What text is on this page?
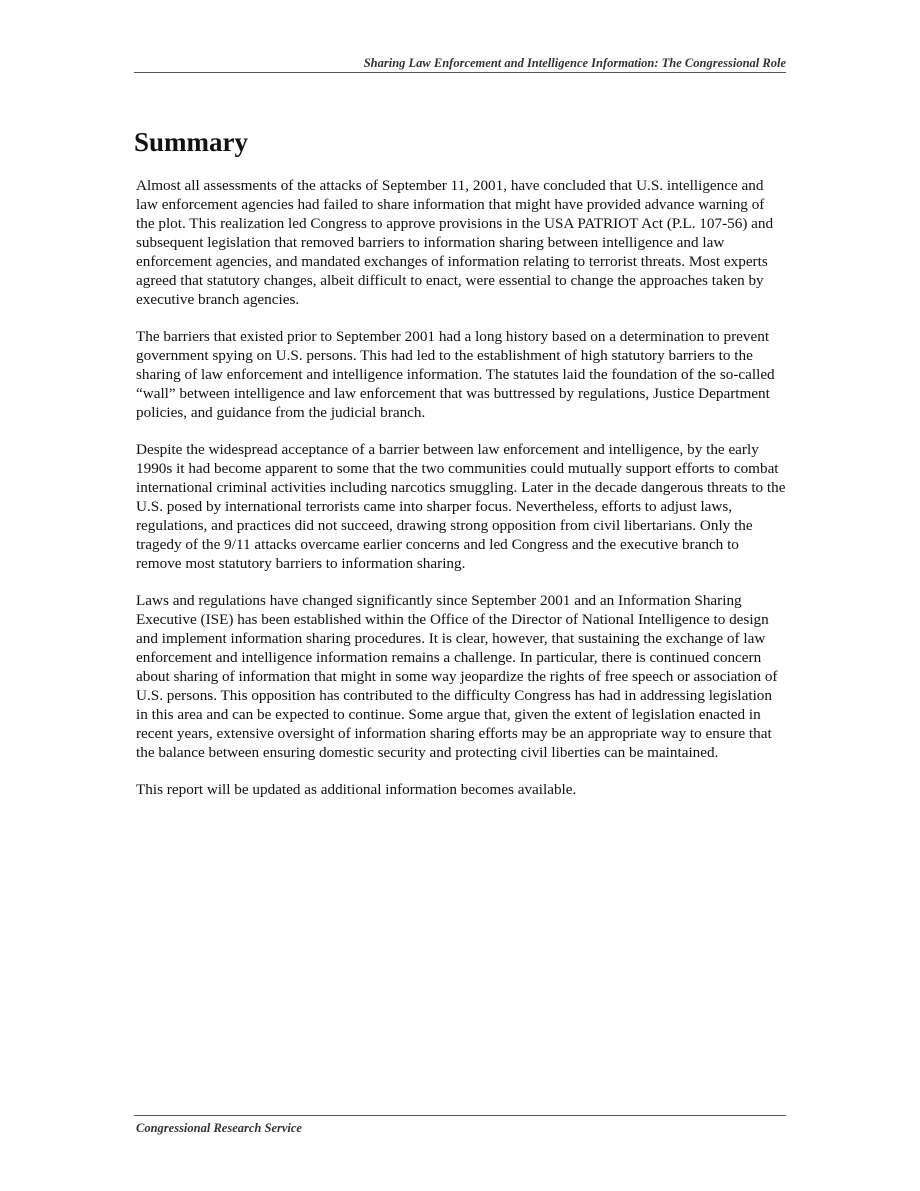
Sharing Law Enforcement and Intelligence Information: The Congressional Role
Summary

Almost all assessments of the attacks of September 11, 2001, have concluded that U.S. intelligence and law enforcement agencies had failed to share information that might have provided advance warning of the plot. This realization led Congress to approve provisions in the USA PATRIOT Act (P.L. 107-56) and subsequent legislation that removed barriers to information sharing between intelligence and law enforcement agencies, and mandated exchanges of information relating to terrorist threats. Most experts agreed that statutory changes, albeit difficult to enact, were essential to change the approaches taken by executive branch agencies.

The barriers that existed prior to September 2001 had a long history based on a determination to prevent government spying on U.S. persons. This had led to the establishment of high statutory barriers to the sharing of law enforcement and intelligence information. The statutes laid the foundation of the so-called “wall” between intelligence and law enforcement that was buttressed by regulations, Justice Department policies, and guidance from the judicial branch.

Despite the widespread acceptance of a barrier between law enforcement and intelligence, by the early 1990s it had become apparent to some that the two communities could mutually support efforts to combat international criminal activities including narcotics smuggling. Later in the decade dangerous threats to the U.S. posed by international terrorists came into sharper focus. Nevertheless, efforts to adjust laws, regulations, and practices did not succeed, drawing strong opposition from civil libertarians. Only the tragedy of the 9/11 attacks overcame earlier concerns and led Congress and the executive branch to remove most statutory barriers to information sharing.

Laws and regulations have changed significantly since September 2001 and an Information Sharing Executive (ISE) has been established within the Office of the Director of National Intelligence to design and implement information sharing procedures. It is clear, however, that sustaining the exchange of law enforcement and intelligence information remains a challenge. In particular, there is continued concern about sharing of information that might in some way jeopardize the rights of free speech or association of U.S. persons. This opposition has contributed to the difficulty Congress has had in addressing legislation in this area and can be expected to continue. Some argue that, given the extent of legislation enacted in recent years, extensive oversight of information sharing efforts may be an appropriate way to ensure that the balance between ensuring domestic security and protecting civil liberties can be maintained.

This report will be updated as additional information becomes available.

Congressional Research Service
